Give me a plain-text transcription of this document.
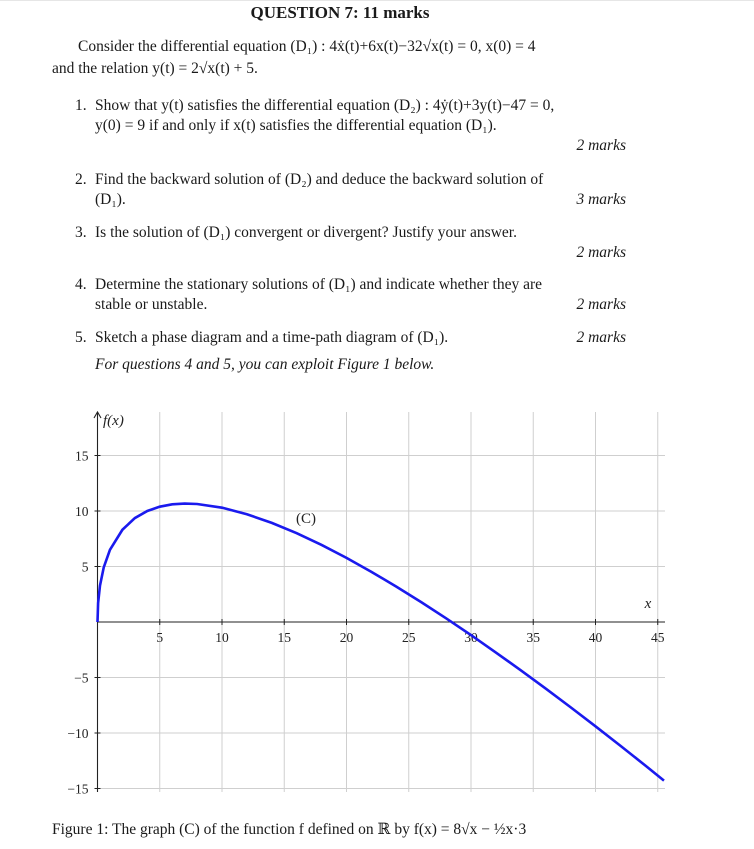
QUESTION 7: 11 marks
Consider the differential equation (D₁) : 4ẋ(t)+6x(t)−32√x(t) = 0, x(0) = 4
and the relation y(t) = 2√x(t) + 5.
1. Show that y(t) satisfies the differential equation (D₂) : 4ẏ(t)+3y(t)−47 = 0,
y(0) = 9 if and only if x(t) satisfies the differential equation (D₁).
2 marks
2. Find the backward solution of (D₂) and deduce the backward solution of
(D₁).	3 marks
3. Is the solution of (D₁) convergent or divergent? Justify your answer.
2 marks
4. Determine the stationary solutions of (D₁) and indicate whether they are
stable or unstable.	2 marks
5. Sketch a phase diagram and a time-path diagram of (D₁).	2 marks
For questions 4 and 5, you can exploit Figure 1 below.
5	10	15	20	25	30	35	40	45
−15
−10
−5
5
10
15
(C)
f(x)
x
Figure 1: The graph (C) of the function f defined on ℝ by f(x) = 8√x − ½x·3
